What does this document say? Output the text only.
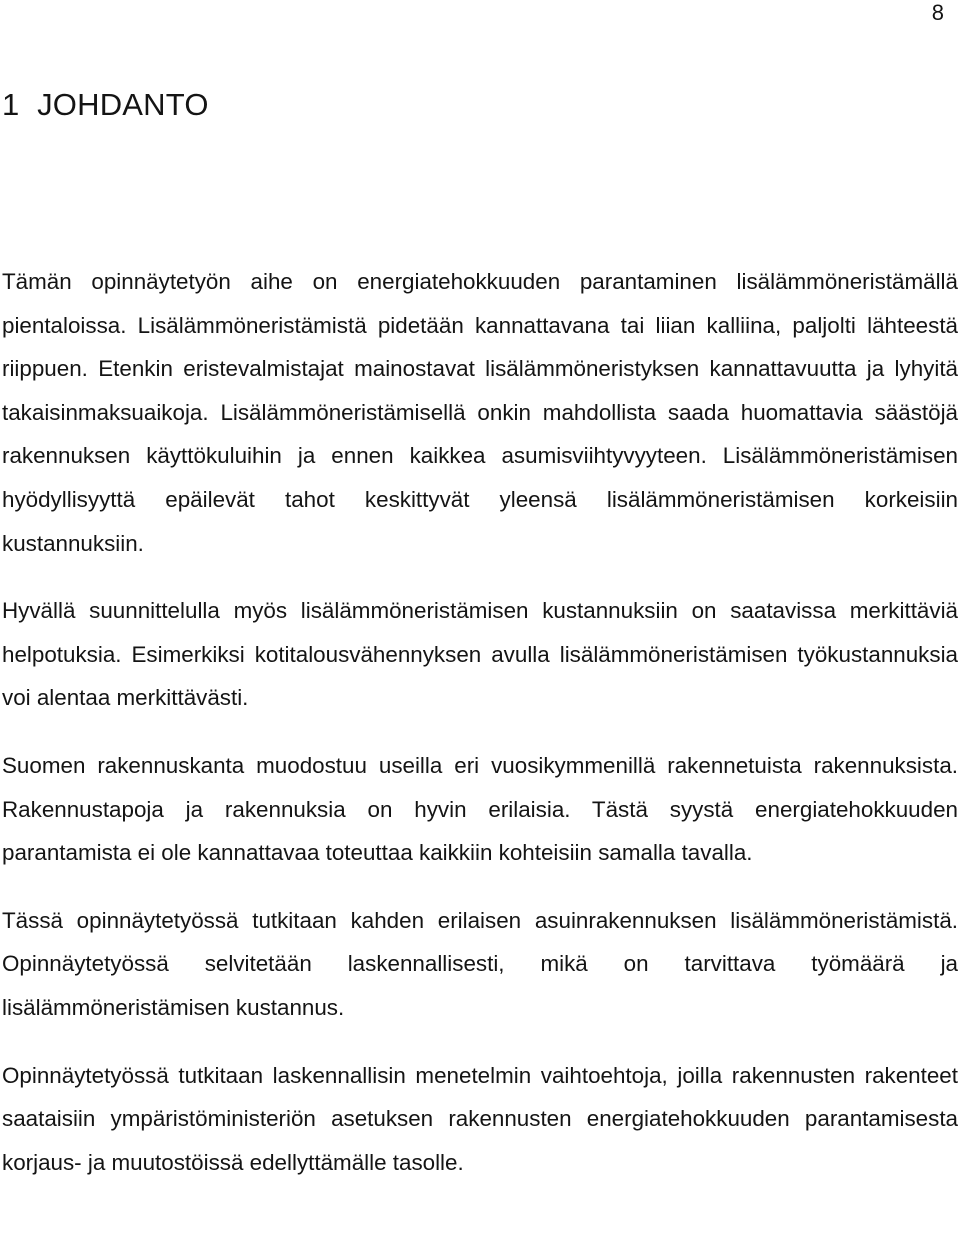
8
1 JOHDANTO

Tämän opinnäytetyön aihe on energiatehokkuuden parantaminen lisälämmöneristämällä pientaloissa. Lisälämmöneristämistä pidetään kannattavana tai liian kalliina, paljolti lähteestä riippuen. Etenkin eristevalmistajat mainostavat lisälämmöneristyksen kannattavuutta ja lyhyitä takaisinmaksuaikoja. Lisälämmöneristämisellä onkin mahdollista saada huomattavia säästöjä rakennuksen käyttökuluihin ja ennen kaikkea asumisviihtyvyyteen. Lisälämmöneristämisen hyödyllisyyttä epäilevät tahot keskittyvät yleensä lisälämmöneristämisen korkeisiin kustannuksiin.

Hyvällä suunnittelulla myös lisälämmöneristämisen kustannuksiin on saatavissa merkittäviä helpotuksia. Esimerkiksi kotitalousvähennyksen avulla lisälämmöneristämisen työkustannuksia voi alentaa merkittävästi.

Suomen rakennuskanta muodostuu useilla eri vuosikymmenillä rakennetuista rakennuksista. Rakennustapoja ja rakennuksia on hyvin erilaisia. Tästä syystä energiatehokkuuden parantamista ei ole kannattavaa toteuttaa kaikkiin kohteisiin samalla tavalla.

Tässä opinnäytetyössä tutkitaan kahden erilaisen asuinrakennuksen lisälämmöneristämistä. Opinnäytetyössä selvitetään laskennallisesti, mikä on tarvittava työmäärä ja lisälämmöneristämisen kustannus.

Opinnäytetyössä tutkitaan laskennallisin menetelmin vaihtoehtoja, joilla rakennusten rakenteet saataisiin ympäristöministeriön asetuksen rakennusten energiatehokkuuden parantamisesta korjaus- ja muutostöissä edellyttämälle tasolle.
